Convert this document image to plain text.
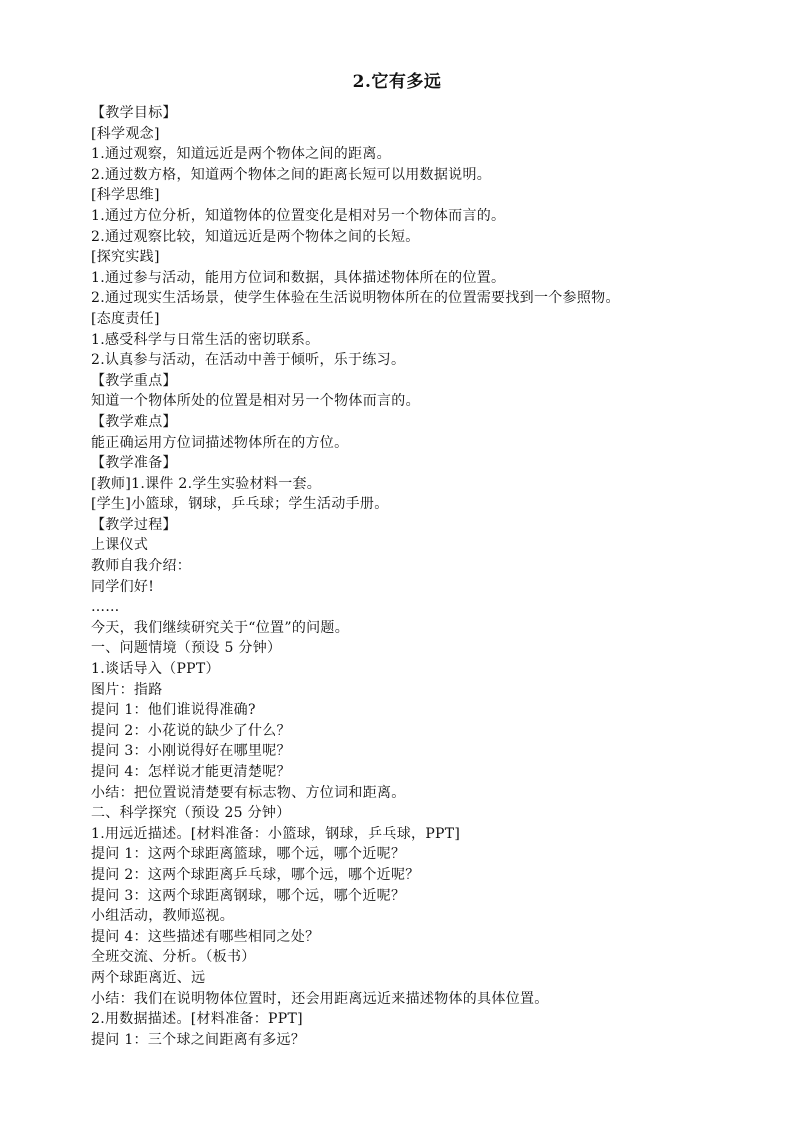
2.它有多远
【教学目标】
[科学观念]
1.通过观察，知道远近是两个物体之间的距离。
2.通过数方格，知道两个物体之间的距离长短可以用数据说明。
[科学思维]
1.通过方位分析，知道物体的位置变化是相对另一个物体而言的。
2.通过观察比较，知道远近是两个物体之间的长短。
[探究实践]
1.通过参与活动，能用方位词和数据，具体描述物体所在的位置。
2.通过现实生活场景，使学生体验在生活说明物体所在的位置需要找到一个参照物。
[态度责任]
1.感受科学与日常生活的密切联系。
2.认真参与活动，在活动中善于倾听，乐于练习。
【教学重点】
知道一个物体所处的位置是相对另一个物体而言的。
【教学难点】
能正确运用方位词描述物体所在的方位。
【教学准备】
[教师]1.课件 2.学生实验材料一套。
[学生]小篮球，钢球，乒乓球；学生活动手册。
【教学过程】
上课仪式
教师自我介绍：
同学们好!
……
今天，我们继续研究关于“位置”的问题。
一、问题情境（预设 5 分钟）
1.谈话导入（PPT）
图片：指路
提问 1：他们谁说得准确?
提问 2：小花说的缺少了什么？
提问 3：小刚说得好在哪里呢？
提问 4：怎样说才能更清楚呢？
小结：把位置说清楚要有标志物、方位词和距离。
二、科学探究（预设 25 分钟）
1.用远近描述。[材料准备：小篮球，钢球，乒乓球，PPT]
提问 1：这两个球距离篮球，哪个远，哪个近呢？
提问 2：这两个球距离乒乓球，哪个远，哪个近呢？
提问 3：这两个球距离钢球，哪个远，哪个近呢？
小组活动，教师巡视。
提问 4：这些描述有哪些相同之处？
全班交流、分析。（板书）
两个球距离近、远
小结：我们在说明物体位置时，还会用距离远近来描述物体的具体位置。
2.用数据描述。[材料准备：PPT]
提问 1：三个球之间距离有多远？
